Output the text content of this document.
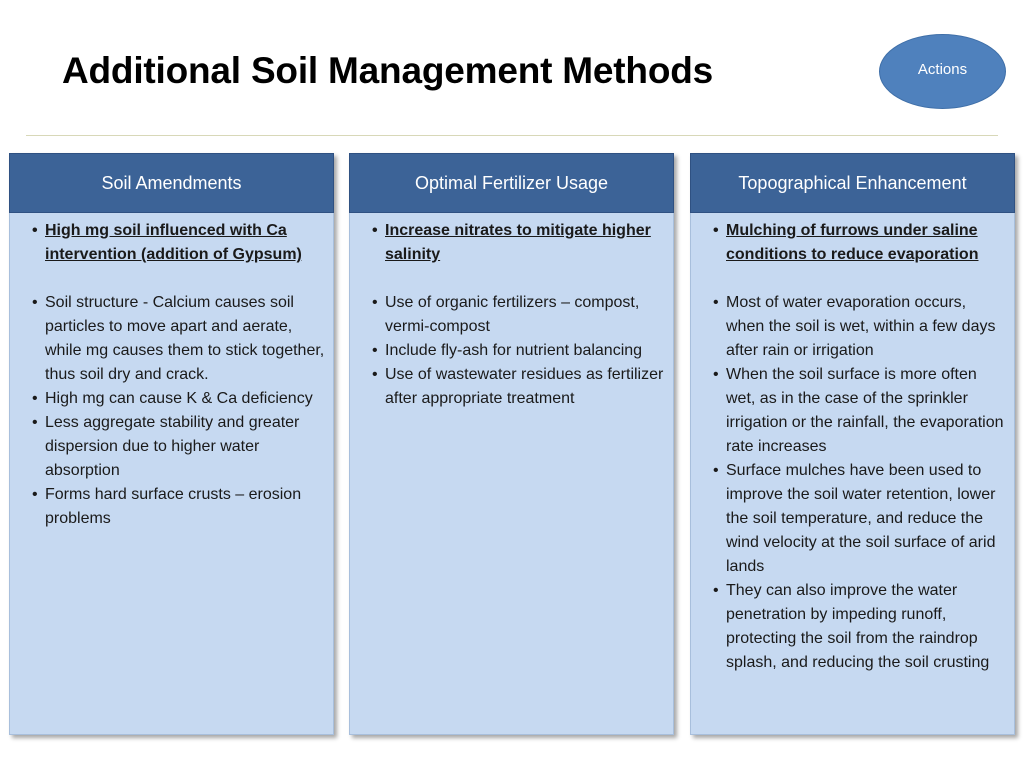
Additional Soil Management Methods	Actions
Soil Amendments
• High mg soil influenced with Ca intervention (addition of Gypsum)
• Soil structure - Calcium causes soil particles to move apart and aerate, while mg causes them to stick together, thus soil dry and crack.
• High mg can cause K & Ca deficiency
• Less aggregate stability and greater dispersion due to higher water absorption
• Forms hard surface crusts – erosion problems
Optimal Fertilizer Usage
• Increase nitrates to mitigate higher salinity
• Use of organic fertilizers – compost, vermi-compost
• Include fly-ash for nutrient balancing
• Use of wastewater residues as fertilizer after appropriate treatment
Topographical Enhancement
• Mulching of furrows under saline conditions to reduce evaporation
• Most of water evaporation occurs, when the soil is wet, within a few days after rain or irrigation
• When the soil surface is more often wet, as in the case of the sprinkler irrigation or the rainfall, the evaporation rate increases
• Surface mulches have been used to improve the soil water retention, lower the soil temperature, and reduce the wind velocity at the soil surface of arid lands
• They can also improve the water penetration by impeding runoff, protecting the soil from the raindrop splash, and reducing the soil crusting
